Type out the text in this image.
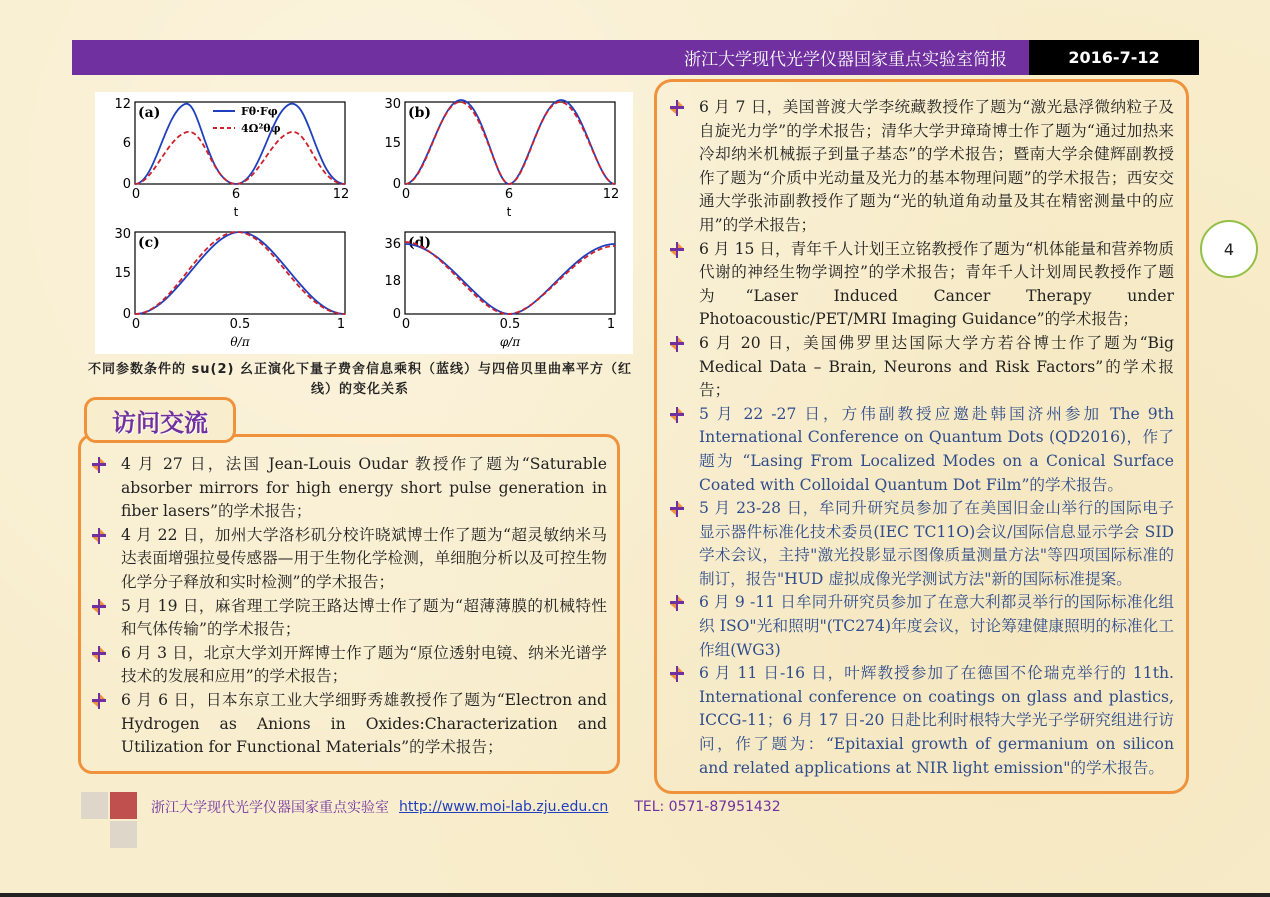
浙江大学现代光学仪器国家重点实验室简报	2016-7-12
(a)
12
6
0
0	6	12
t
Fθ·Fφ
4Ω²θφ
(b)
30
15
0
0	6	12
t
(c)
30
15
0
0	0.5	1
θ/π
(d)
36
18
0
0	0.5	1
φ/π
不同参数条件的 su(2) 幺正演化下量子费舍信息乘积（蓝线）与四倍贝里曲率平方（红线）的变化关系
访问交流
4 月 27 日，法国 Jean-Louis Oudar 教授作了题为“Saturable absorber mirrors for high energy short pulse generation in fiber lasers”的学术报告；
4 月 22 日，加州大学洛杉矶分校许晓斌博士作了题为“超灵敏纳米马达表面增强拉曼传感器—用于生物化学检测，单细胞分析以及可控生物化学分子释放和实时检测”的学术报告；
5 月 19 日，麻省理工学院王路达博士作了题为“超薄薄膜的机械特性和气体传输”的学术报告；
6 月 3 日，北京大学刘开辉博士作了题为“原位透射电镜、纳米光谱学技术的发展和应用”的学术报告；
6 月 6 日，日本东京工业大学细野秀雄教授作了题为“Electron and Hydrogen as Anions in Oxides:Characterization and Utilization for Functional Materials”的学术报告；
6 月 7 日，美国普渡大学李统藏教授作了题为“激光悬浮微纳粒子及自旋光力学”的学术报告；清华大学尹璋琦博士作了题为“通过加热来冷却纳米机械振子到量子基态”的学术报告；暨南大学余健辉副教授作了题为“介质中光动量及光力的基本物理问题”的学术报告；西安交通大学张沛副教授作了题为“光的轨道角动量及其在精密测量中的应用”的学术报告；
6 月 15 日，青年千人计划王立铭教授作了题为“机体能量和营养物质代谢的神经生物学调控”的学术报告；青年千人计划周民教授作了题为“Laser Induced Cancer Therapy under Photoacoustic/PET/MRI Imaging Guidance”的学术报告；
6 月 20 日，美国佛罗里达国际大学方若谷博士作了题为“Big Medical Data – Brain, Neurons and Risk Factors”的学术报告；
5 月 22 -27 日，方伟副教授应邀赴韩国济州参加 The 9th International Conference on Quantum Dots (QD2016)，作了题为 “Lasing From Localized Modes on a Conical Surface Coated with Colloidal Quantum Dot Film”的学术报告。
5 月 23-28 日，牟同升研究员参加了在美国旧金山举行的国际电子显示器件标准化技术委员(IEC TC11O)会议/国际信息显示学会 SID 学术会议，主持"激光投影显示图像质量测量方法"等四项国际标准的制订，报告"HUD 虚拟成像光学测试方法"新的国际标准提案。
6 月 9 -11 日牟同升研究员参加了在意大利都灵举行的国际标准化组织 ISO"光和照明"(TC274)年度会议，讨论筹建健康照明的标准化工作组(WG3)
6 月 11 日-16 日，叶辉教授参加了在德国不伦瑞克举行的 11th. International conference on coatings on glass and plastics, ICCG-11；6 月 17 日-20 日赴比利时根特大学光子学研究组进行访问，作了题为：“Epitaxial growth of germanium on silicon and related applications at NIR light emission"的学术报告。
4
浙江大学现代光学仪器国家重点实验室 http://www.moi-lab.zju.edu.cn TEL: 0571-87951432
